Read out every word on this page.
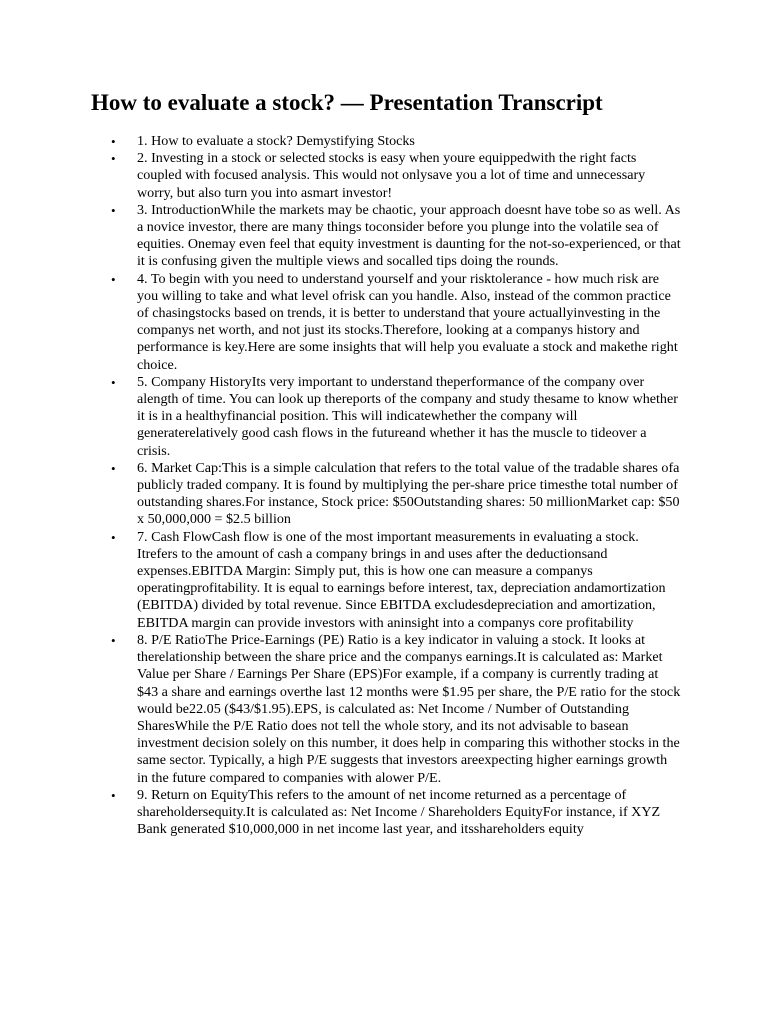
How to evaluate a stock? — Presentation Transcript
• 1. How to evaluate a stock? Demystifying Stocks
• 2. Investing in a stock or selected stocks is easy when youre equippedwith the right facts coupled with focused analysis. This would not onlysave you a lot of time and unnecessary worry, but also turn you into asmart investor!
• 3. IntroductionWhile the markets may be chaotic, your approach doesnt have tobe so as well. As a novice investor, there are many things toconsider before you plunge into the volatile sea of equities. Onemay even feel that equity investment is daunting for the not-so-experienced, or that it is confusing given the multiple views and socalled tips doing the rounds.
• 4. To begin with you need to understand yourself and your risktolerance - how much risk are you willing to take and what level ofrisk can you handle. Also, instead of the common practice of chasingstocks based on trends, it is better to understand that youre actuallyinvesting in the companys net worth, and not just its stocks.Therefore, looking at a companys history and performance is key.Here are some insights that will help you evaluate a stock and makethe right choice.
• 5. Company HistoryIts very important to understand theperformance of the company over alength of time. You can look up thereports of the company and study thesame to know whether it is in a healthyfinancial position. This will indicatewhether the company will generaterelatively good cash flows in the futureand whether it has the muscle to tideover a crisis.
• 6. Market Cap:This is a simple calculation that refers to the total value of the tradable shares ofa publicly traded company. It is found by multiplying the per-share price timesthe total number of outstanding shares.For instance, Stock price: $50Outstanding shares: 50 millionMarket cap: $50 x 50,000,000 = $2.5 billion
• 7. Cash FlowCash flow is one of the most important measurements in evaluating a stock. Itrefers to the amount of cash a company brings in and uses after the deductionsand expenses.EBITDA Margin: Simply put, this is how one can measure a companys operatingprofitability. It is equal to earnings before interest, tax, depreciation andamortization (EBITDA) divided by total revenue. Since EBITDA excludesdepreciation and amortization, EBITDA margin can provide investors with aninsight into a companys core profitability
• 8. P/E RatioThe Price-Earnings (PE) Ratio is a key indicator in valuing a stock. It looks at therelationship between the share price and the companys earnings.It is calculated as: Market Value per Share / Earnings Per Share (EPS)For example, if a company is currently trading at $43 a share and earnings overthe last 12 months were $1.95 per share, the P/E ratio for the stock would be22.05 ($43/$1.95).EPS, is calculated as: Net Income / Number of Outstanding SharesWhile the P/E Ratio does not tell the whole story, and its not advisable to basean investment decision solely on this number, it does help in comparing this withother stocks in the same sector. Typically, a high P/E suggests that investors areexpecting higher earnings growth in the future compared to companies with alower P/E.
• 9. Return on EquityThis refers to the amount of net income returned as a percentage of shareholdersequity.It is calculated as: Net Income / Shareholders EquityFor instance, if XYZ Bank generated $10,000,000 in net income last year, and itsshareholders equity
